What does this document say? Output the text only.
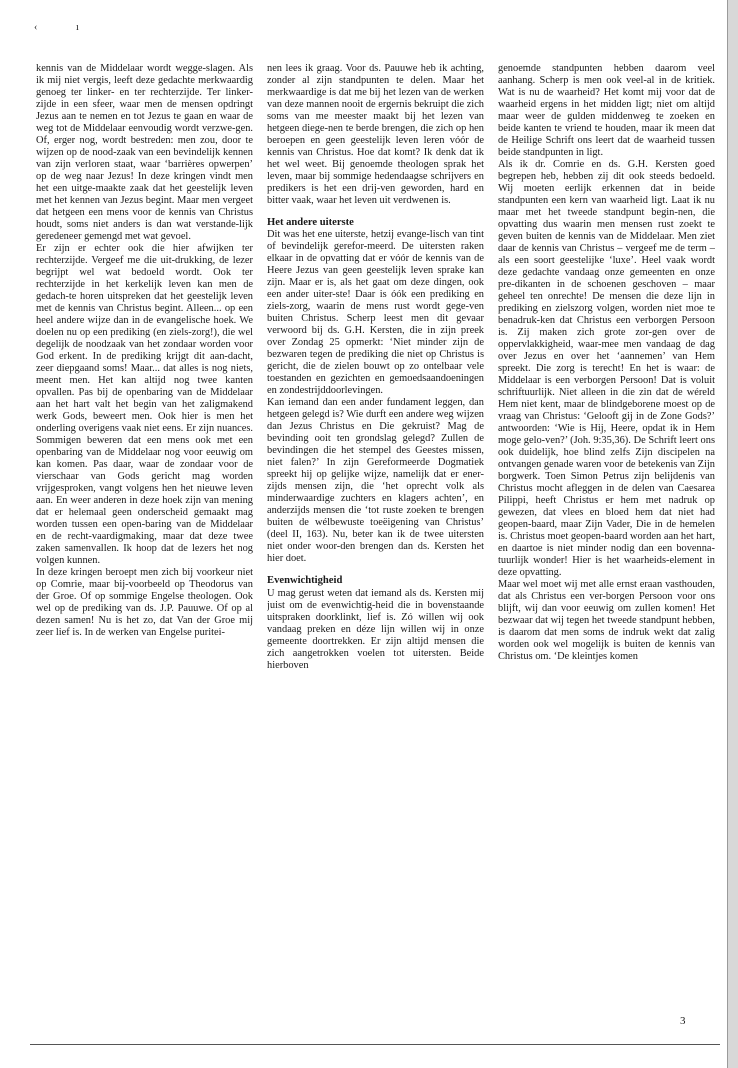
‹	ı

kennis van de Middelaar wordt wegge-slagen. Als ik mij niet vergis, leeft deze gedachte merkwaardig genoeg ter linker- en ter rechterzijde. Ter linker-zijde in een sfeer, waar men de mensen opdringt Jezus aan te nemen en tot Jezus te gaan en waar de weg tot de Middelaar eenvoudig wordt verzwe-gen. Of, erger nog, wordt bestreden: men zou, door te wijzen op de nood-zaak van een bevindelijk kennen van zijn verloren staat, waar ‘barrières opwerpen’ op de weg naar Jezus! In deze kringen vindt men het een uitge-maakte zaak dat het geestelijk leven met het kennen van Jezus begint. Maar men vergeet dat hetgeen een mens voor de kennis van Christus houdt, soms niet anders is dan wat verstande-lijk geredeneer gemengd met wat gevoel.

Er zijn er echter ook die hier afwijken ter rechterzijde. Vergeef me die uit-drukking, de lezer begrijpt wel wat bedoeld wordt. Ook ter rechterzijde in het kerkelijk leven kan men de gedach-te horen uitspreken dat het geestelijk leven met de kennis van Christus begint. Alleen... op een heel andere wijze dan in de evangelische hoek. We doelen nu op een prediking (en ziels-zorg!), die wel degelijk de noodzaak van het zondaar worden voor God erkent. In de prediking krijgt dit aan-dacht, zeer diepgaand soms! Maar... dat alles is nog niets, meent men. Het kan altijd nog twee kanten opvallen. Pas bij de openbaring van de Middelaar aan het hart valt het begin van het zaligmakend werk Gods, beweert men. Ook hier is men het onderling overigens vaak niet eens. Er zijn nuances. Sommigen beweren dat een mens ook met een openbaring van de Middelaar nog voor eeuwig om kan komen. Pas daar, waar de zondaar voor de vierschaar van Gods gericht mag worden vrijgesproken, vangt volgens hen het nieuwe leven aan. En weer anderen in deze hoek zijn van mening dat er helemaal geen onderscheid gemaakt mag worden tussen een open-baring van de Middelaar en de recht-vaardigmaking, maar dat deze twee zaken samenvallen. Ik hoop dat de lezers het nog volgen kunnen.

In deze kringen beroept men zich bij voorkeur niet op Comrie, maar bij-voorbeeld op Theodorus van der Groe. Of op sommige Engelse theologen. Ook wel op de prediking van ds. J.P. Pauuwe. Of op al dezen samen! Nu is het zo, dat Van der Groe mij zeer lief is. In de werken van Engelse puritei-

nen lees ik graag. Voor ds. Pauuwe heb ik achting, zonder al zijn standpunten te delen. Maar het merkwaardige is dat me bij het lezen van de werken van deze mannen nooit de ergernis bekruipt die zich soms van me meester maakt bij het lezen van hetgeen diege-nen te berde brengen, die zich op hen beroepen en geen geestelijk leven leren vóór de kennis van Christus. Hoe dat komt? Ik denk dat ik het wel weet. Bij genoemde theologen sprak het leven, maar bij sommige hedendaagse schrijvers en predikers is het een drij-ven geworden, hard en bitter vaak, waar het leven uit verdwenen is.

Het andere uiterste

Dit was het ene uiterste, hetzij evange-lisch van tint of bevindelijk gerefor-meerd. De uitersten raken elkaar in de opvatting dat er vóór de kennis van de Heere Jezus van geen geestelijk leven sprake kan zijn. Maar er is, als het gaat om deze dingen, ook een ander uiter-ste! Daar is óók een prediking en ziels-zorg, waarin de mens rust wordt gege-ven buiten Christus. Scherp leest men dit gevaar verwoord bij ds. G.H. Kersten, die in zijn preek over Zondag 25 opmerkt: ‘Niet minder zijn de bezwaren tegen de prediking die niet op Christus is gericht, die de zielen bouwt op zo ontelbaar vele toestanden en gezichten en gemoedsaandoeningen en zondestrijddoorlevingen.

Kan iemand dan een ander fundament leggen, dan hetgeen gelegd is? Wie durft een andere weg wijzen dan Jezus Christus en Die gekruist? Mag de bevinding ooit ten grondslag gelegd? Zullen de bevindingen die het stempel des Geestes missen, niet falen?’ In zijn Gereformeerde Dogmatiek spreekt hij op gelijke wijze, namelijk dat er ener-zijds mensen zijn, die ‘het oprecht volk als minderwaardige zuchters en klagers achten’, en anderzijds mensen die ‘tot ruste zoeken te brengen buiten de wélbewuste toeëigening van Christus’ (deel II, 163). Nu, beter kan ik de twee uitersten niet onder woor-den brengen dan ds. Kersten het hier doet.

Evenwichtigheid

U mag gerust weten dat iemand als ds. Kersten mij juist om de evenwichtig-heid die in bovenstaande uitspraken doorklinkt, lief is. Zó willen wij ook vandaag preken en déze lijn willen wij in onze gemeente doortrekken. Er zijn altijd mensen die zich aangetrokken voelen tot uitersten. Beide hierboven

genoemde standpunten hebben daarom veel aanhang. Scherp is men ook veel-al in de kritiek. Wat is nu de waarheid? Het komt mij voor dat de waarheid ergens in het midden ligt; niet om altijd maar weer de gulden middenweg te zoeken en beide kanten te vriend te houden, maar ik meen dat de Heilige Schrift ons leert dat de waarheid tussen beide standpunten in ligt.

Als ik dr. Comrie en ds. G.H. Kersten goed begrepen heb, hebben zij dit ook steeds bedoeld. Wij moeten eerlijk erkennen dat in beide standpunten een kern van waarheid ligt. Laat ik nu maar met het tweede standpunt begin-nen, die opvatting dus waarin men mensen rust zoekt te geven buiten de kennis van de Middelaar. Men ziet daar de kennis van Christus – vergeef me de term – als een soort geestelijke ‘luxe’. Heel vaak wordt deze gedachte vandaag onze gemeenten en onze pre-dikanten in de schoenen geschoven – maar geheel ten onrechte! De mensen die deze lijn in prediking en zielszorg volgen, worden niet moe te benadruk-ken dat Christus een verborgen Persoon is. Zij maken zich grote zor-gen over de oppervlakkigheid, waar-mee men vandaag de dag over Jezus en over het ‘aannemen’ van Hem spreekt. Die zorg is terecht! En het is waar: de Middelaar is een verborgen Persoon! Dat is voluit schriftuurlijk. Niet alleen in die zin dat de wéreld Hem niet kent, maar de blindgeborene moest op de vraag van Christus: ‘Gelooft gij in de Zone Gods?’ antwoorden: ‘Wie is Hij, Heere, opdat ik in Hem moge gelo-ven?’ (Joh. 9:35,36). De Schrift leert ons ook duidelijk, hoe blind zelfs Zijn discipelen na ontvangen genade waren voor de betekenis van Zijn borgwerk. Toen Simon Petrus zijn belijdenis van Christus mocht afleggen in de delen van Caesarea Pilippi, heeft Christus er hem met nadruk op gewezen, dat vlees en bloed hem dat niet had geopen-baard, maar Zijn Vader, Die in de hemelen is. Christus moet geopen-baard worden aan het hart, en daartoe is niet minder nodig dan een bovenna-tuurlijk wonder! Hier is het waarheids-element in deze opvatting.

Maar wel moet wij met alle ernst eraan vasthouden, dat als Christus een ver-borgen Persoon voor ons blijft, wij dan voor eeuwig om zullen komen! Het bezwaar dat wij tegen het tweede standpunt hebben, is daarom dat men soms de indruk wekt dat zalig worden ook wel mogelijk is buiten de kennis van Christus om. ‘De kleintjes komen

3
